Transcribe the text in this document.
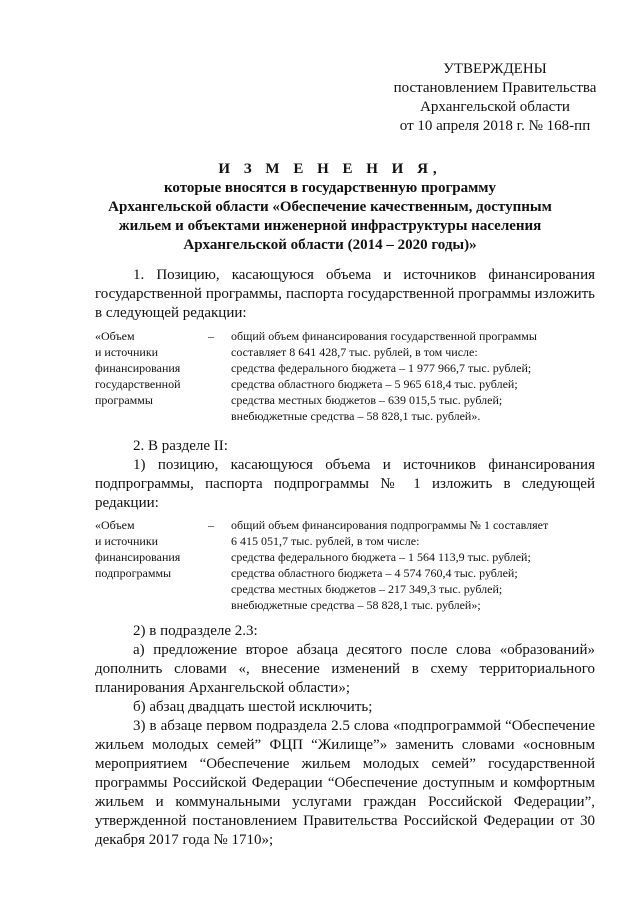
УТВЕРЖДЕНЫ
постановлением Правительства
Архангельской области
от 10 апреля 2018 г. № 168-пп
И З М Е Н Е Н И Я,
которые вносятся в государственную программу
Архангельской области «Обеспечение качественным, доступным
жильем и объектами инженерной инфраструктуры населения
Архангельской области (2014 – 2020 годы)»
1. Позицию, касающуюся объема и источников финансирования государственной программы, паспорта государственной программы изложить в следующей редакции:
«Объем
и источники
финансирования
государственной
программы
–	общий объем финансирования государственной программы
составляет 8 641 428,7 тыс. рублей, в том числе:
средства федерального бюджета – 1 977 966,7 тыс. рублей;
средства областного бюджета – 5 965 618,4 тыс. рублей;
средства местных бюджетов – 639 015,5 тыс. рублей;
внебюджетные средства – 58 828,1 тыс. рублей».
2. В разделе II:
1) позицию, касающуюся объема и источников финансирования подпрограммы, паспорта подпрограммы № 1 изложить в следующей редакции:
«Объем
и источники
финансирования
подпрограммы
–	общий объем финансирования подпрограммы № 1 составляет
6 415 051,7 тыс. рублей, в том числе:
средства федерального бюджета – 1 564 113,9 тыс. рублей;
средства областного бюджета – 4 574 760,4 тыс. рублей;
средства местных бюджетов – 217 349,3 тыс. рублей;
внебюджетные средства – 58 828,1 тыс. рублей»;
2) в подразделе 2.3:
а) предложение второе абзаца десятого после слова «образований» дополнить словами «, внесение изменений в схему территориального планирования Архангельской области»;
б) абзац двадцать шестой исключить;
3) в абзаце первом подраздела 2.5 слова «подпрограммой “Обеспечение жильем молодых семей” ФЦП “Жилище”» заменить словами «основным мероприятием “Обеспечение жильем молодых семей” государственной программы Российской Федерации “Обеспечение доступным и комфортным жильем и коммунальными услугами граждан Российской Федерации”, утвержденной постановлением Правительства Российской Федерации от 30 декабря 2017 года № 1710»;
